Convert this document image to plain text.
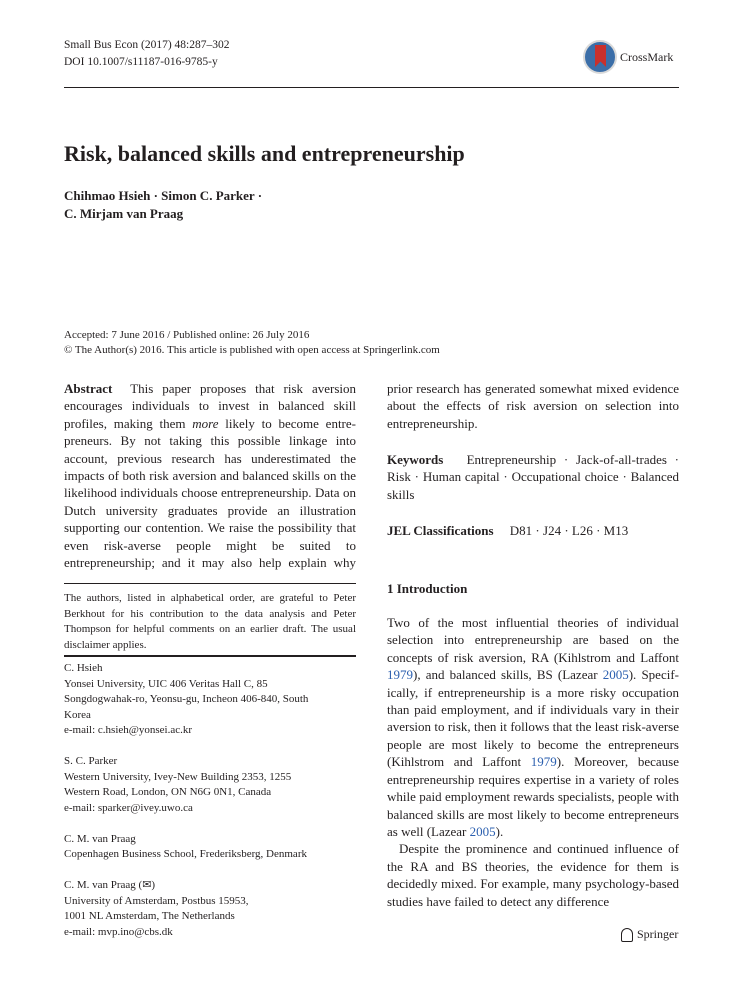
Small Bus Econ (2017) 48:287–302
DOI 10.1007/s11187-016-9785-y	CrossMark
Risk, balanced skills and entrepreneurship
Chihmao Hsieh · Simon C. Parker ·
C. Mirjam van Praag
Accepted: 7 June 2016 / Published online: 26 July 2016
© The Author(s) 2016. This article is published with open access at Springerlink.com

Abstract This paper proposes that risk aversion encourages individuals to invest in balanced skill profiles, making them more likely to become entrepreneurs. By not taking this possible linkage into account, previous research has underestimated the impacts of both risk aversion and balanced skills on the likelihood individuals choose entrepreneurship. Data on Dutch university graduates provide an illustration supporting our contention. We raise the possibility that even risk-averse people might be suited to entrepreneurship; and it may also help explain why

prior research has generated somewhat mixed evidence about the effects of risk aversion on selection into entrepreneurship.

Keywords Entrepreneurship · Jack-of-all-trades · Risk · Human capital · Occupational choice · Balanced skills

JEL Classifications D81 · J24 · L26 · M13

1 Introduction

Two of the most influential theories of individual selection into entrepreneurship are based on the concepts of risk aversion, RA (Kihlstrom and Laffont 1979), and balanced skills, BS (Lazear 2005). Specifically, if entrepreneurship is a more risky occupation than paid employment, and if individuals vary in their aversion to risk, then it follows that the least risk-averse people are most likely to become the entrepreneurs (Kihlstrom and Laffont 1979). Moreover, because entrepreneurship requires expertise in a variety of roles while paid employment rewards specialists, people with balanced skills are most likely to become entrepreneurs as well (Lazear 2005).

Despite the prominence and continued influence of the RA and BS theories, the evidence for them is decidedly mixed. For example, many psychology-based studies have failed to detect any difference

The authors, listed in alphabetical order, are grateful to Peter Berkhout for his contribution to the data analysis and Peter Thompson for helpful comments on an earlier draft. The usual disclaimer applies.
C. Hsieh
Yonsei University, UIC 406 Veritas Hall C, 85
Songdogwahak-ro, Yeonsu-gu, Incheon 406-840, South
Korea
e-mail: c.hsieh@yonsei.ac.kr
S. C. Parker
Western University, Ivey-New Building 2353, 1255
Western Road, London, ON N6G 0N1, Canada
e-mail: sparker@ivey.uwo.ca
C. M. van Praag
Copenhagen Business School, Frederiksberg, Denmark
C. M. van Praag (✉)
University of Amsterdam, Postbus 15953,
1001 NL Amsterdam, The Netherlands
e-mail: mvp.ino@cbs.dk	Springer
